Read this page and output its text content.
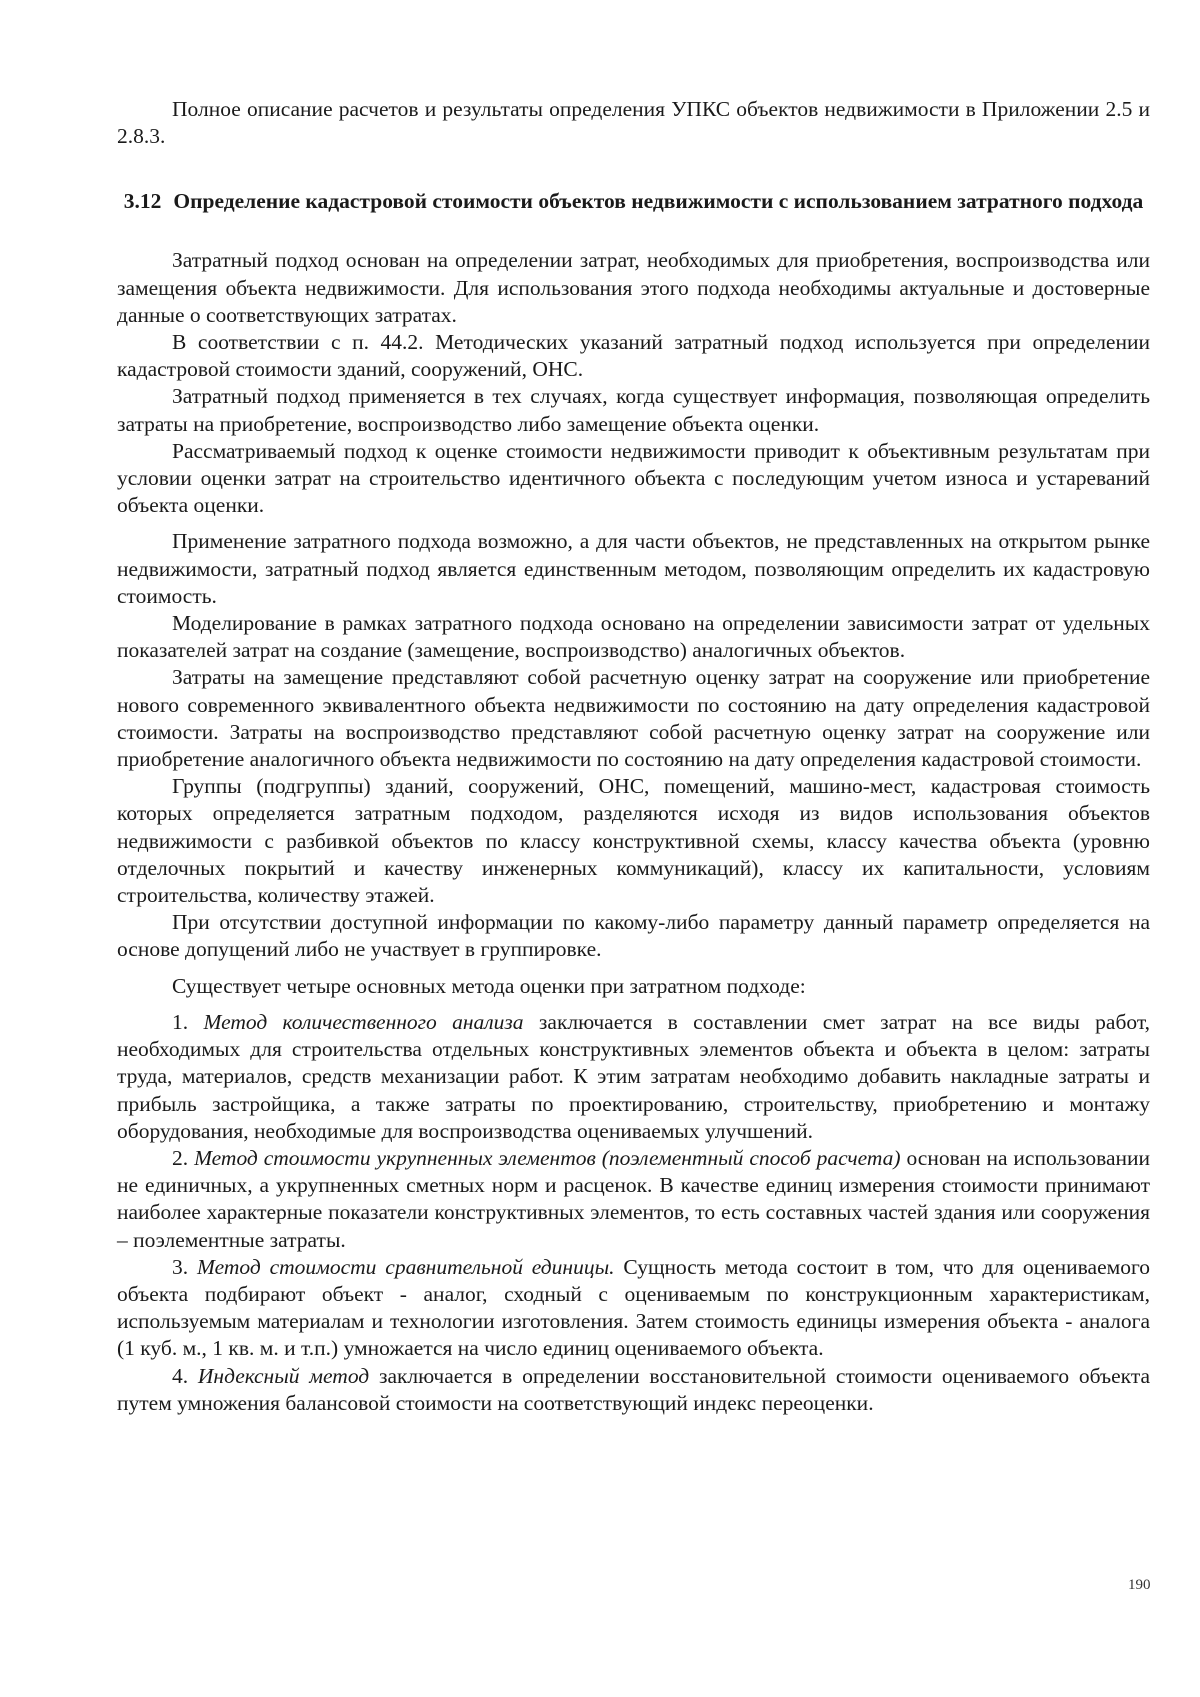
Полное описание расчетов и результаты определения УПКС объектов недвижимости в Приложении 2.5 и 2.8.3.

3.12 Определение кадастровой стоимости объектов недвижимости с использованием затратного подхода

Затратный подход основан на определении затрат, необходимых для приобретения, воспроизводства или замещения объекта недвижимости. Для использования этого подхода необходимы актуальные и достоверные данные о соответствующих затратах.

В соответствии с п. 44.2. Методических указаний затратный подход используется при определении кадастровой стоимости зданий, сооружений, ОНС.

Затратный подход применяется в тех случаях, когда существует информация, позволяющая определить затраты на приобретение, воспроизводство либо замещение объекта оценки.

Рассматриваемый подход к оценке стоимости недвижимости приводит к объективным результатам при условии оценки затрат на строительство идентичного объекта с последующим учетом износа и устареваний объекта оценки.

Применение затратного подхода возможно, а для части объектов, не представленных на открытом рынке недвижимости, затратный подход является единственным методом, позволяющим определить их кадастровую стоимость.

Моделирование в рамках затратного подхода основано на определении зависимости затрат от удельных показателей затрат на создание (замещение, воспроизводство) аналогичных объектов.

Затраты на замещение представляют собой расчетную оценку затрат на сооружение или приобретение нового современного эквивалентного объекта недвижимости по состоянию на дату определения кадастровой стоимости. Затраты на воспроизводство представляют собой расчетную оценку затрат на сооружение или приобретение аналогичного объекта недвижимости по состоянию на дату определения кадастровой стоимости.

Группы (подгруппы) зданий, сооружений, ОНС, помещений, машино-мест, кадастровая стоимость которых определяется затратным подходом, разделяются исходя из видов использования объектов недвижимости с разбивкой объектов по классу конструктивной схемы, классу качества объекта (уровню отделочных покрытий и качеству инженерных коммуникаций), классу их капитальности, условиям строительства, количеству этажей.

При отсутствии доступной информации по какому-либо параметру данный параметр определяется на основе допущений либо не участвует в группировке.

Существует четыре основных метода оценки при затратном подходе:

1. Метод количественного анализа заключается в составлении смет затрат на все виды работ, необходимых для строительства отдельных конструктивных элементов объекта и объекта в целом: затраты труда, материалов, средств механизации работ. К этим затратам необходимо добавить накладные затраты и прибыль застройщика, а также затраты по проектированию, строительству, приобретению и монтажу оборудования, необходимые для воспроизводства оцениваемых улучшений.

2. Метод стоимости укрупненных элементов (поэлементный способ расчета) основан на использовании не единичных, а укрупненных сметных норм и расценок. В качестве единиц измерения стоимости принимают наиболее характерные показатели конструктивных элементов, то есть составных частей здания или сооружения – поэлементные затраты.

3. Метод стоимости сравнительной единицы. Сущность метода состоит в том, что для оцениваемого объекта подбирают объект - аналог, сходный с оцениваемым по конструкционным характеристикам, используемым материалам и технологии изготовления. Затем стоимость единицы измерения объекта - аналога (1 куб. м., 1 кв. м. и т.п.) умножается на число единиц оцениваемого объекта.

4. Индексный метод заключается в определении восстановительной стоимости оцениваемого объекта путем умножения балансовой стоимости на соответствующий индекс переоценки.

190
